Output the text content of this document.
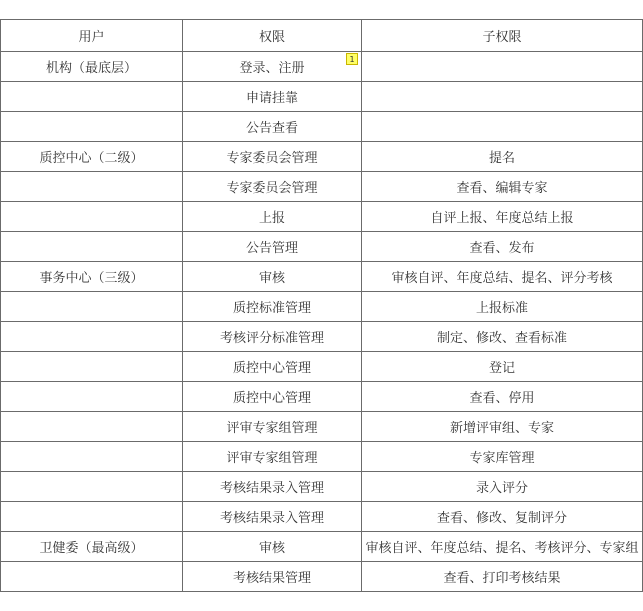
用户	权限	子权限
机构（最底层）	登录、注册
1	

	申请挂靠	
	公告查看	
质控中心（二级）	专家委员会管理	提名
	专家委员会管理	查看、编辑专家
	上报	自评上报、年度总结上报
	公告管理	查看、发布
事务中心（三级）	审核	审核自评、年度总结、提名、评分考核
	质控标准管理	上报标准
	考核评分标准管理	制定、修改、查看标准
	质控中心管理	登记
	质控中心管理	查看、停用
	评审专家组管理	新增评审组、专家
	评审专家组管理	专家库管理
	考核结果录入管理	录入评分
	考核结果录入管理	查看、修改、复制评分
卫健委（最高级）	审核	审核自评、年度总结、提名、考核评分、专家组
	考核结果管理	查看、打印考核结果
